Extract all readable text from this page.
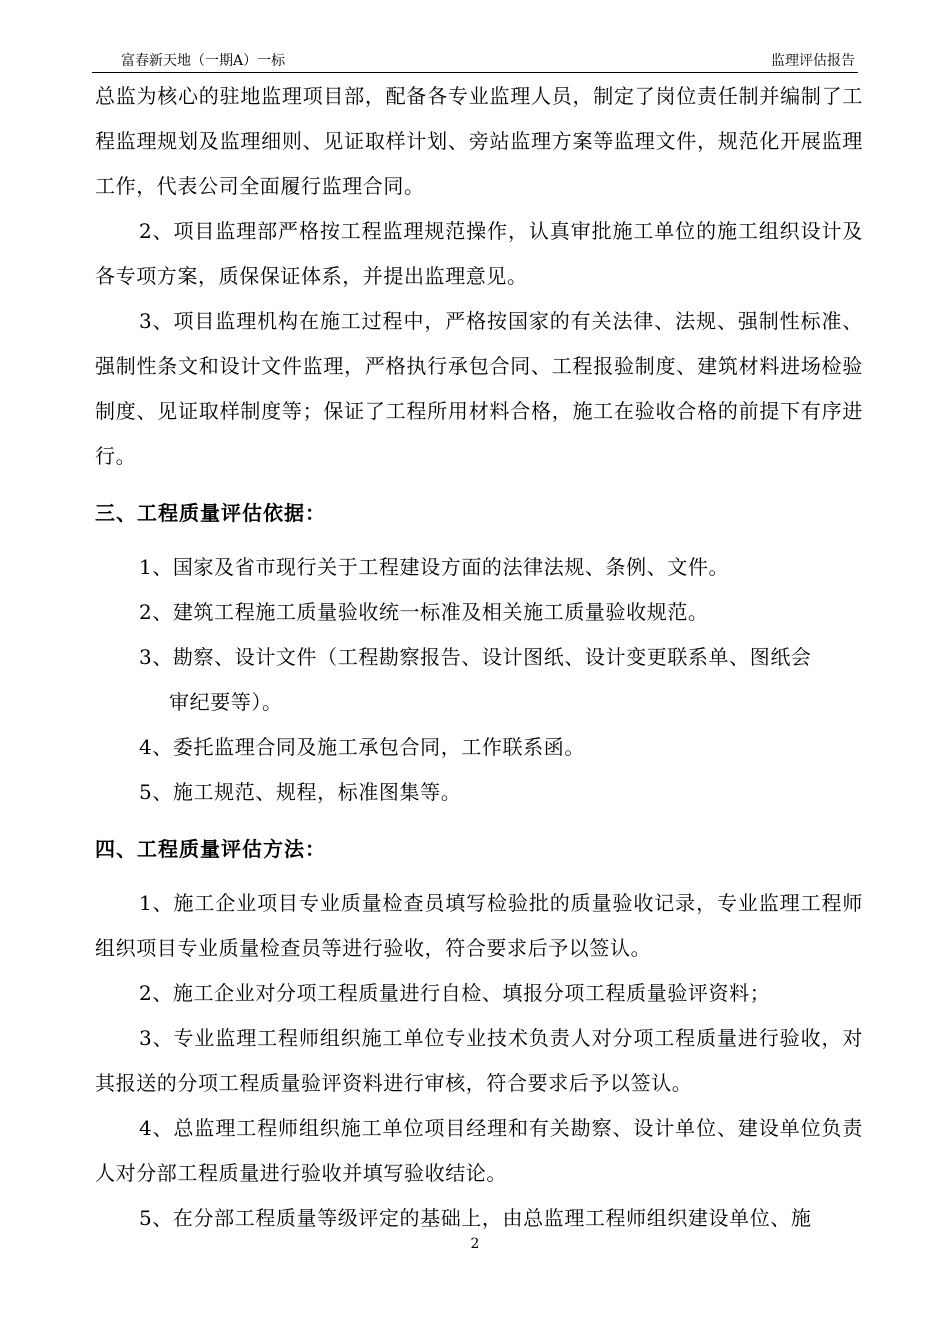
富春新天地（一期A）一标	监理评估报告

总监为核心的驻地监理项目部，配备各专业监理人员，制定了岗位责任制并编制了工程监理规划及监理细则、见证取样计划、旁站监理方案等监理文件，规范化开展监理工作，代表公司全面履行监理合同。

2、项目监理部严格按工程监理规范操作，认真审批施工单位的施工组织设计及各专项方案，质保保证体系，并提出监理意见。

3、项目监理机构在施工过程中，严格按国家的有关法律、法规、强制性标准、强制性条文和设计文件监理，严格执行承包合同、工程报验制度、建筑材料进场检验制度、见证取样制度等；保证了工程所用材料合格，施工在验收合格的前提下有序进行。

三、工程质量评估依据：

1、国家及省市现行关于工程建设方面的法律法规、条例、文件。

2、建筑工程施工质量验收统一标准及相关施工质量验收规范。

3、勘察、设计文件（工程勘察报告、设计图纸、设计变更联系单、图纸会

审纪要等）。

4、委托监理合同及施工承包合同，工作联系函。

5、施工规范、规程，标准图集等。

四、工程质量评估方法：

1、施工企业项目专业质量检查员填写检验批的质量验收记录，专业监理工程师组织项目专业质量检查员等进行验收，符合要求后予以签认。

2、施工企业对分项工程质量进行自检、填报分项工程质量验评资料；

3、专业监理工程师组织施工单位专业技术负责人对分项工程质量进行验收，对其报送的分项工程质量验评资料进行审核，符合要求后予以签认。

4、总监理工程师组织施工单位项目经理和有关勘察、设计单位、建设单位负责人对分部工程质量进行验收并填写验收结论。

5、在分部工程质量等级评定的基础上，由总监理工程师组织建设单位、施

2
